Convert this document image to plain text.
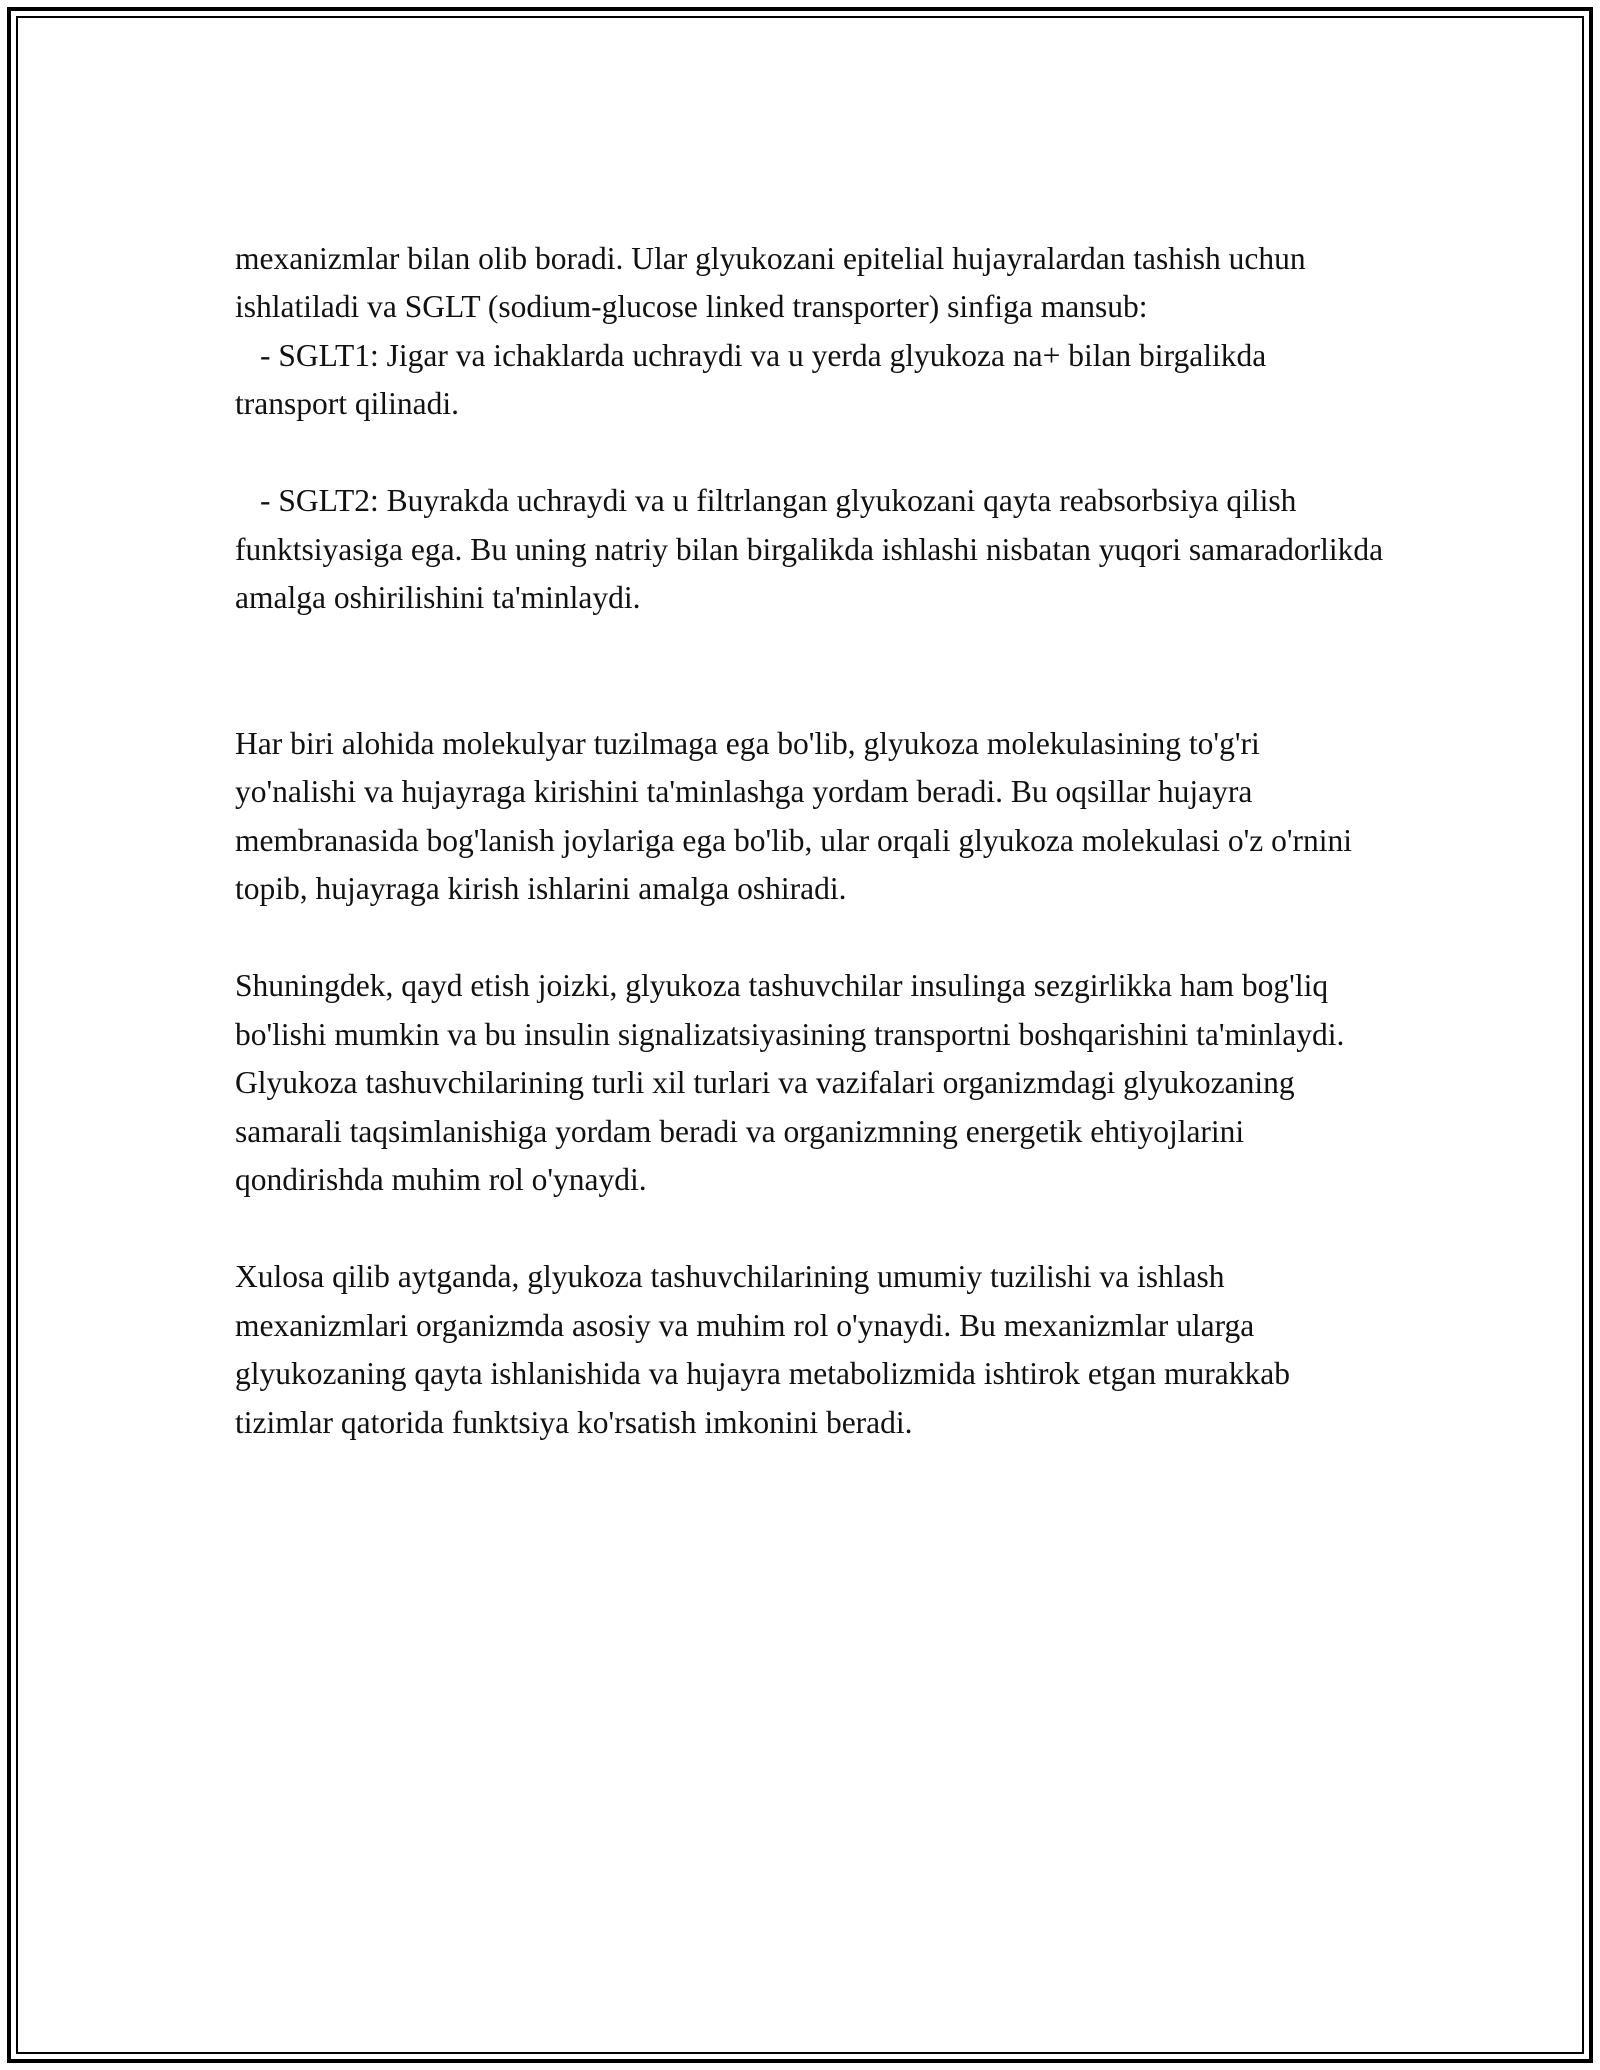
mexanizmlar bilan olib boradi. Ular glyukozani epitelial hujayralardan tashish uchun ishlatiladi va SGLT (sodium-glucose linked transporter) sinfiga mansub:

- SGLT1: Jigar va ichaklarda uchraydi va u yerda glyukoza na+ bilan birgalikda transport qilinadi.

- SGLT2: Buyrakda uchraydi va u filtrlangan glyukozani qayta reabsorbsiya qilish funktsiyasiga ega. Bu uning natriy bilan birgalikda ishlashi nisbatan yuqori samaradorlikda amalga oshirilishini ta'minlaydi.

Har biri alohida molekulyar tuzilmaga ega bo'lib, glyukoza molekulasining to'g'ri yo'nalishi va hujayraga kirishini ta'minlashga yordam beradi. Bu oqsillar hujayra membranasida bog'lanish joylariga ega bo'lib, ular orqali glyukoza molekulasi o'z o'rnini topib, hujayraga kirish ishlarini amalga oshiradi.

Shuningdek, qayd etish joizki, glyukoza tashuvchilar insulinga sezgirlikka ham bog'liq bo'lishi mumkin va bu insulin signalizatsiyasining transportni boshqarishini ta'minlaydi. Glyukoza tashuvchilarining turli xil turlari va vazifalari organizmdagi glyukozaning samarali taqsimlanishiga yordam beradi va organizmning energetik ehtiyojlarini qondirishda muhim rol o'ynaydi.

Xulosa qilib aytganda, glyukoza tashuvchilarining umumiy tuzilishi va ishlash mexanizmlari organizmda asosiy va muhim rol o'ynaydi. Bu mexanizmlar ularga glyukozaning qayta ishlanishida va hujayra metabolizmida ishtirok etgan murakkab tizimlar qatorida funktsiya ko'rsatish imkonini beradi.
